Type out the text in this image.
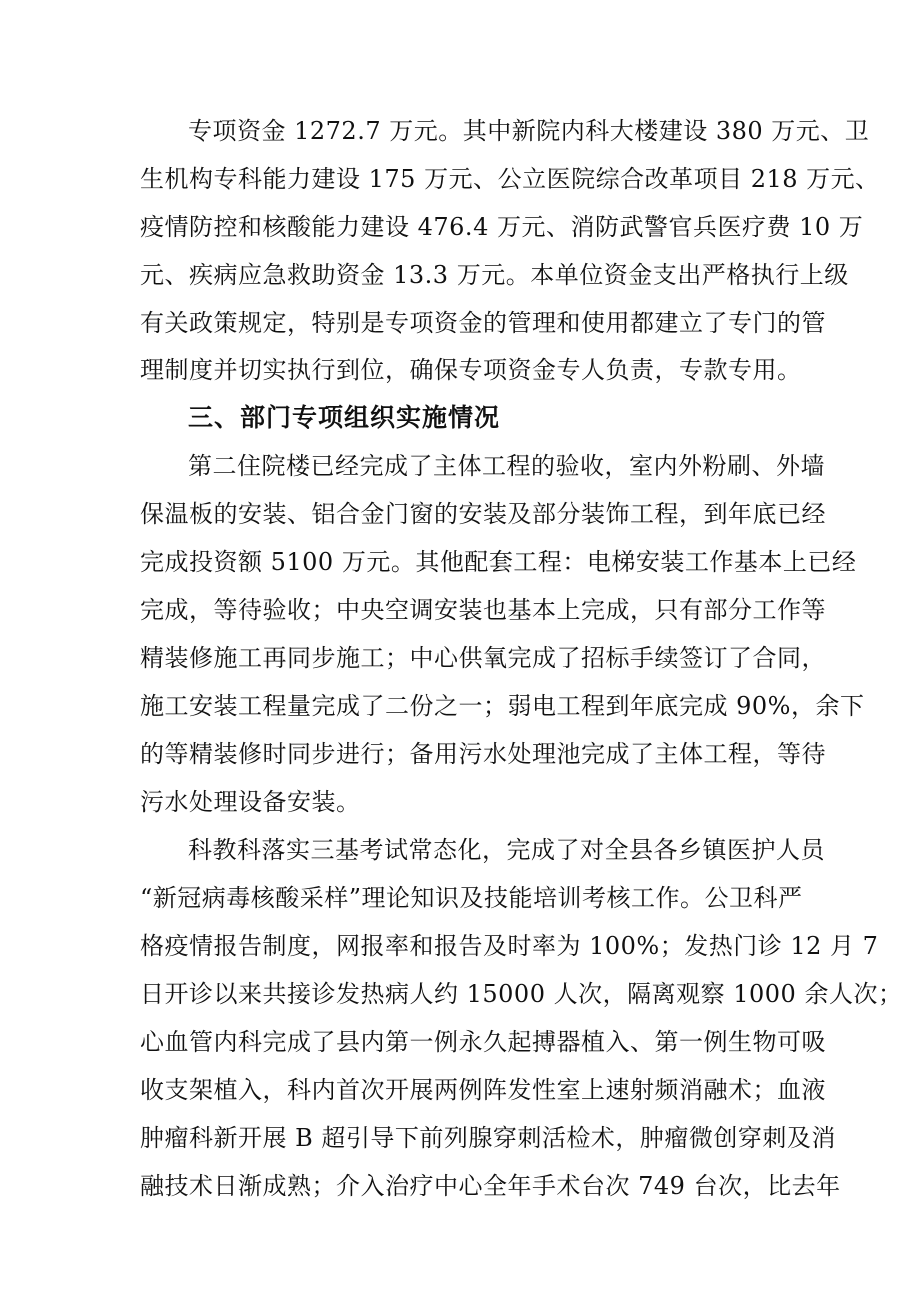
专项资金 1272.7 万元。其中新院内科大楼建设 380 万元、卫
生机构专科能力建设 175 万元、公立医院综合改革项目 218 万元、
疫情防控和核酸能力建设 476.4 万元、消防武警官兵医疗费 10 万
元、疾病应急救助资金 13.3 万元。本单位资金支出严格执行上级
有关政策规定，特别是专项资金的管理和使用都建立了专门的管
理制度并切实执行到位，确保专项资金专人负责，专款专用。
三、部门专项组织实施情况
第二住院楼已经完成了主体工程的验收，室内外粉刷、外墙
保温板的安装、铝合金门窗的安装及部分装饰工程，到年底已经
完成投资额 5100 万元。其他配套工程：电梯安装工作基本上已经
完成，等待验收；中央空调安装也基本上完成，只有部分工作等
精装修施工再同步施工；中心供氧完成了招标手续签订了合同，
施工安装工程量完成了二份之一；弱电工程到年底完成 90%，余下
的等精装修时同步进行；备用污水处理池完成了主体工程，等待
污水处理设备安装。
科教科落实三基考试常态化，完成了对全县各乡镇医护人员
“新冠病毒核酸采样”理论知识及技能培训考核工作。公卫科严
格疫情报告制度，网报率和报告及时率为 100%；发热门诊 12 月 7
日开诊以来共接诊发热病人约 15000 人次，隔离观察 1000 余人次；
心血管内科完成了县内第一例永久起搏器植入、第一例生物可吸
收支架植入，科内首次开展两例阵发性室上速射频消融术；血液
肿瘤科新开展 B 超引导下前列腺穿刺活检术，肿瘤微创穿刺及消
融技术日渐成熟；介入治疗中心全年手术台次 749 台次，比去年
